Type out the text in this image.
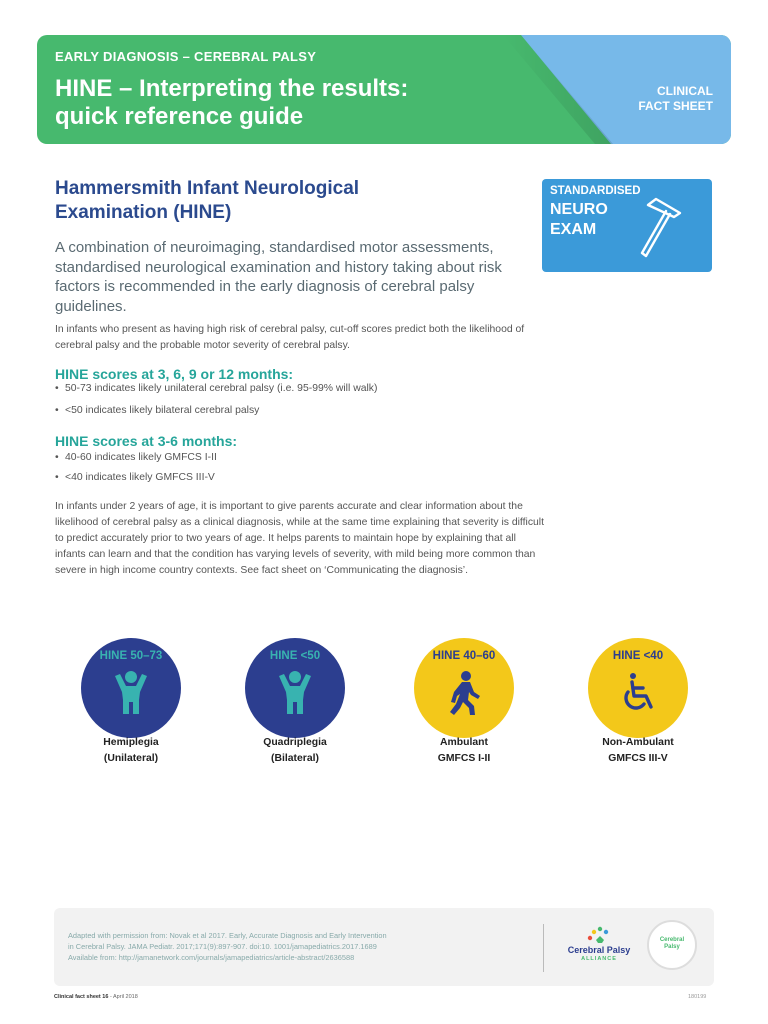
EARLY DIAGNOSIS – CEREBRAL PALSY
HINE – Interpreting the results:
quick reference guide
CLINICAL
FACT SHEET
Hammersmith Infant Neurological
Examination (HINE)
STANDARDISED
NEURO
EXAM

A combination of neuroimaging, standardised motor assessments, standardised neurological examination and history taking about risk factors is recommended in the early diagnosis of cerebral palsy guidelines.

In infants who present as having high risk of cerebral palsy, cut-off scores predict both the likelihood of cerebral palsy and the probable motor severity of cerebral palsy.

HINE scores at 3, 6, 9 or 12 months:
• 50-73 indicates likely unilateral cerebral palsy (i.e. 95-99% will walk)
• <50 indicates likely bilateral cerebral palsy
HINE scores at 3-6 months:
• 40-60 indicates likely GMFCS I-II
• <40 indicates likely GMFCS III-V

In infants under 2 years of age, it is important to give parents accurate and clear information about the likelihood of cerebral palsy as a clinical diagnosis, while at the same time explaining that severity is difficult to predict accurately prior to two years of age. It helps parents to maintain hope by explaining that all infants can learn and that the condition has varying levels of severity, with mild being more common than severe in high income country contexts. See fact sheet on ‘Communicating the diagnosis’.

HINE 50–73
Hemiplegia
(Unilateral)
HINE <50
Quadriplegia
(Bilateral)
HINE 40–60
Ambulant
GMFCS I-II
HINE <40
Non-Ambulant
GMFCS III-V
Adapted with permission from: Novak et al 2017. Early, Accurate Diagnosis and Early Intervention
in Cerebral Palsy. JAMA Pediatr. 2017;171(9):897-907. doi:10. 1001/jamapediatrics.2017.1689
Available from: http://jamanetwork.com/journals/jamapediatrics/article-abstract/2636588
Cerebral Palsy
ALLIANCE
Cerebral
Palsy
Clinical fact sheet 16 - April 2018	180199
